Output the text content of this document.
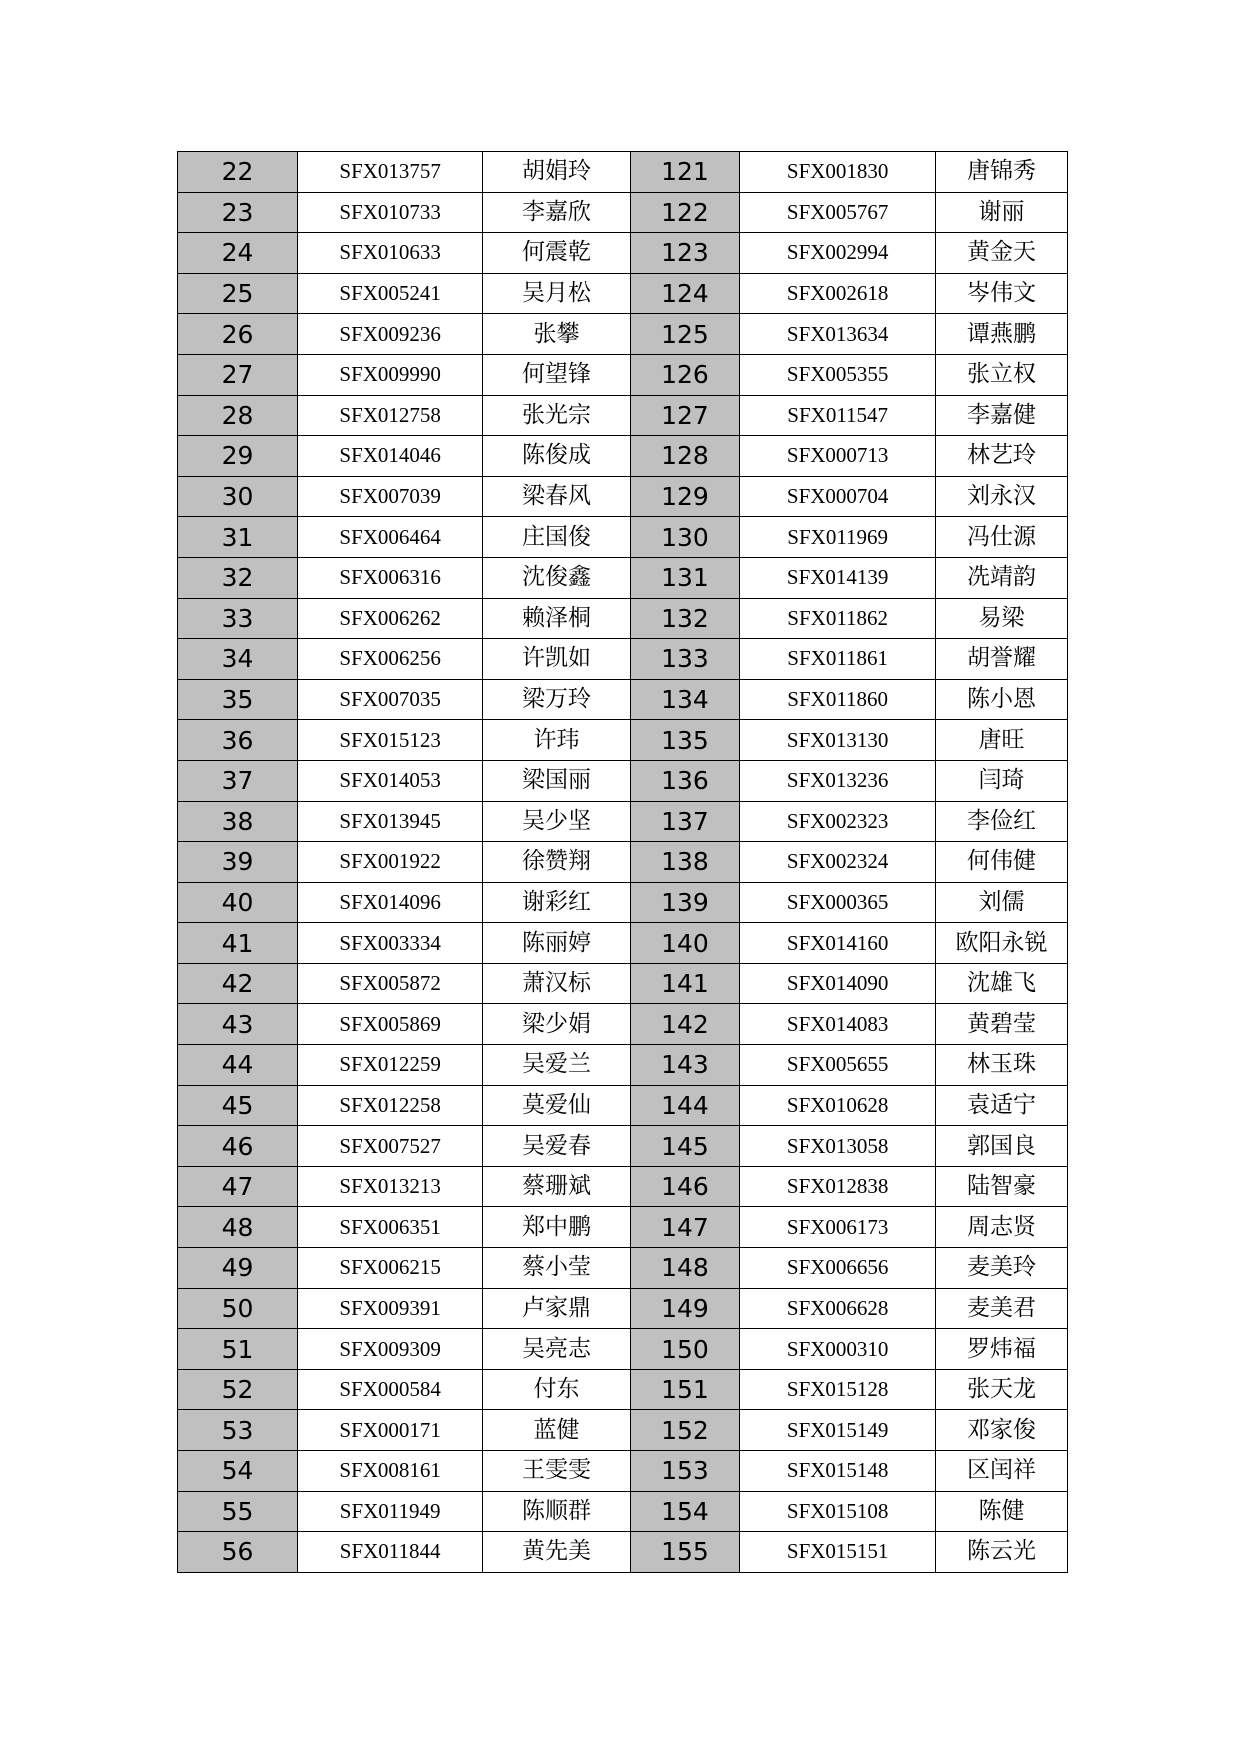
22	SFX013757	胡娟玲	121	SFX001830	唐锦秀
23	SFX010733	李嘉欣	122	SFX005767	谢丽
24	SFX010633	何震乾	123	SFX002994	黄金天
25	SFX005241	吴月松	124	SFX002618	岑伟文
26	SFX009236	张攀	125	SFX013634	谭燕鹏
27	SFX009990	何望锋	126	SFX005355	张立权
28	SFX012758	张光宗	127	SFX011547	李嘉健
29	SFX014046	陈俊成	128	SFX000713	林艺玲
30	SFX007039	梁春风	129	SFX000704	刘永汉
31	SFX006464	庄国俊	130	SFX011969	冯仕源
32	SFX006316	沈俊鑫	131	SFX014139	冼靖韵
33	SFX006262	赖泽桐	132	SFX011862	易梁
34	SFX006256	许凯如	133	SFX011861	胡誉耀
35	SFX007035	梁万玲	134	SFX011860	陈小恩
36	SFX015123	许玮	135	SFX013130	唐旺
37	SFX014053	梁国丽	136	SFX013236	闫琦
38	SFX013945	吴少坚	137	SFX002323	李俭红
39	SFX001922	徐赞翔	138	SFX002324	何伟健
40	SFX014096	谢彩红	139	SFX000365	刘儒
41	SFX003334	陈丽婷	140	SFX014160	欧阳永锐
42	SFX005872	萧汉标	141	SFX014090	沈雄飞
43	SFX005869	梁少娟	142	SFX014083	黄碧莹
44	SFX012259	吴爱兰	143	SFX005655	林玉珠
45	SFX012258	莫爱仙	144	SFX010628	袁适宁
46	SFX007527	吴爱春	145	SFX013058	郭国良
47	SFX013213	蔡珊斌	146	SFX012838	陆智豪
48	SFX006351	郑中鹏	147	SFX006173	周志贤
49	SFX006215	蔡小莹	148	SFX006656	麦美玲
50	SFX009391	卢家鼎	149	SFX006628	麦美君
51	SFX009309	吴亮志	150	SFX000310	罗炜福
52	SFX000584	付东	151	SFX015128	张天龙
53	SFX000171	蓝健	152	SFX015149	邓家俊
54	SFX008161	王雯雯	153	SFX015148	区闰祥
55	SFX011949	陈顺群	154	SFX015108	陈健
56	SFX011844	黄先美	155	SFX015151	陈云光
